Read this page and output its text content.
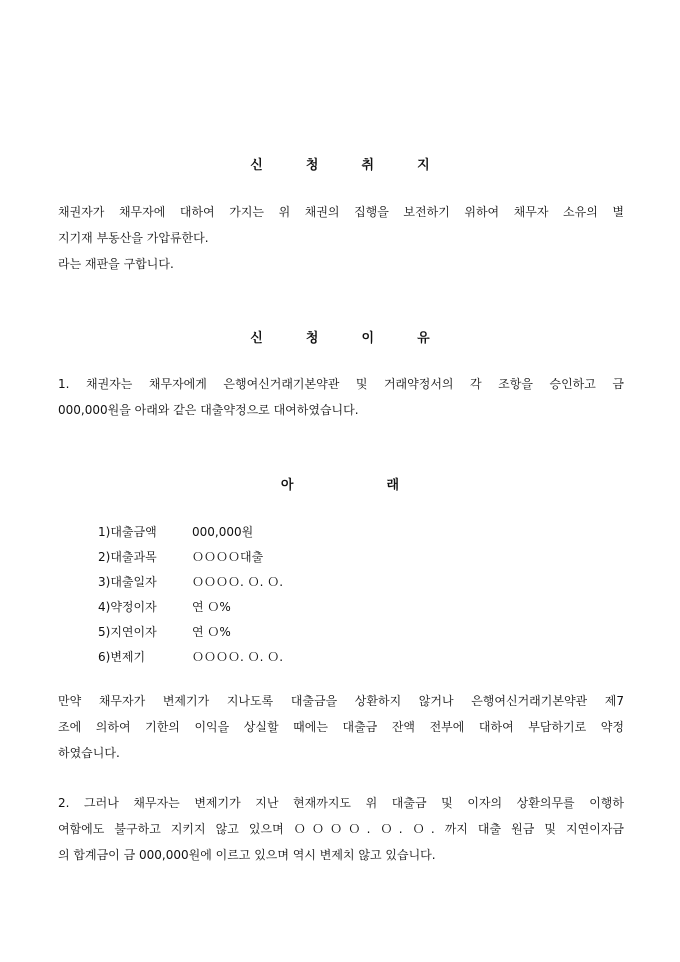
신	청	취	지
채권자가 채무자에 대하여 가지는 위 채권의 집행을 보전하기 위하여 채무자 소유의 별
지기재 부동산을 가압류한다.
라는 재판을 구합니다.
신	청	이	유
1. 채권자는 채무자에게 은행여신거래기본약관 및 거래약정서의 각 조항을 승인하고 금
000,000원을 아래와 같은 대출약정으로 대여하였습니다.
아	래
1)대출금액	000,000원
2)대출과목	ＯＯＯＯ대출
3)대출일자	ＯＯＯＯ. Ｏ. Ｏ.
4)약정이자	연 Ｏ%
5)지연이자	연 Ｏ%
6)변제기	ＯＯＯＯ. Ｏ. Ｏ.
만약 채무자가 변제기가 지나도록 대출금을 상환하지 않거나 은행여신거래기본약관 제7
조에 의하여 기한의 이익을 상실할 때에는 대출금 잔액 전부에 대하여 부담하기로 약정
하였습니다.
2. 그러나 채무자는 변제기가 지난 현재까지도 위 대출금 및 이자의 상환의무를 이행하
여함에도 불구하고 지키지 않고 있으며 ＯＯＯＯ. Ｏ. Ｏ. 까지 대출 원금 및 지연이자금
의 합계금이 금 000,000원에 이르고 있으며 역시 변제치 않고 있습니다.
